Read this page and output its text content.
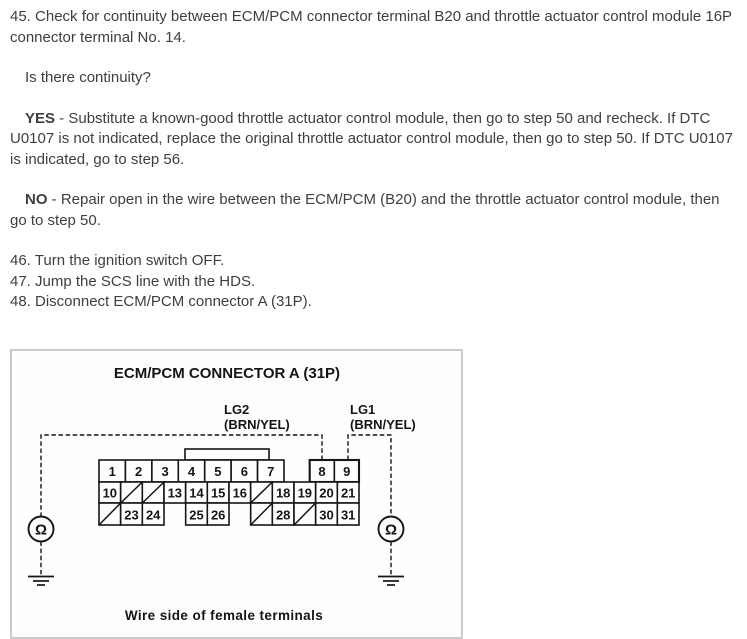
45. Check for continuity between ECM/PCM connector terminal B20 and throttle actuator control module 16P connector terminal No. 14.

Is there continuity?

YES - Substitute a known-good throttle actuator control module, then go to step 50 and recheck. If DTC U0107 is not indicated, replace the original throttle actuator control module, then go to step 50. If DTC U0107 is indicated, go to step 56.

NO - Repair open in the wire between the ECM/PCM (B20) and the throttle actuator control module, then go to step 50.

46. Turn the ignition switch OFF.

47. Jump the SCS line with the HDS.

48. Disconnect ECM/PCM connector A (31P).

ECM/PCM CONNECTOR A (31P)
LG2
(BRN/YEL)
LG1
(BRN/YEL)
Ω	Ω
1 2 3 4 5 6 7	8 9
10	13 14 15 16 18 19 20 21
23 24 25 26	28 30 31
Wire side of female terminals
